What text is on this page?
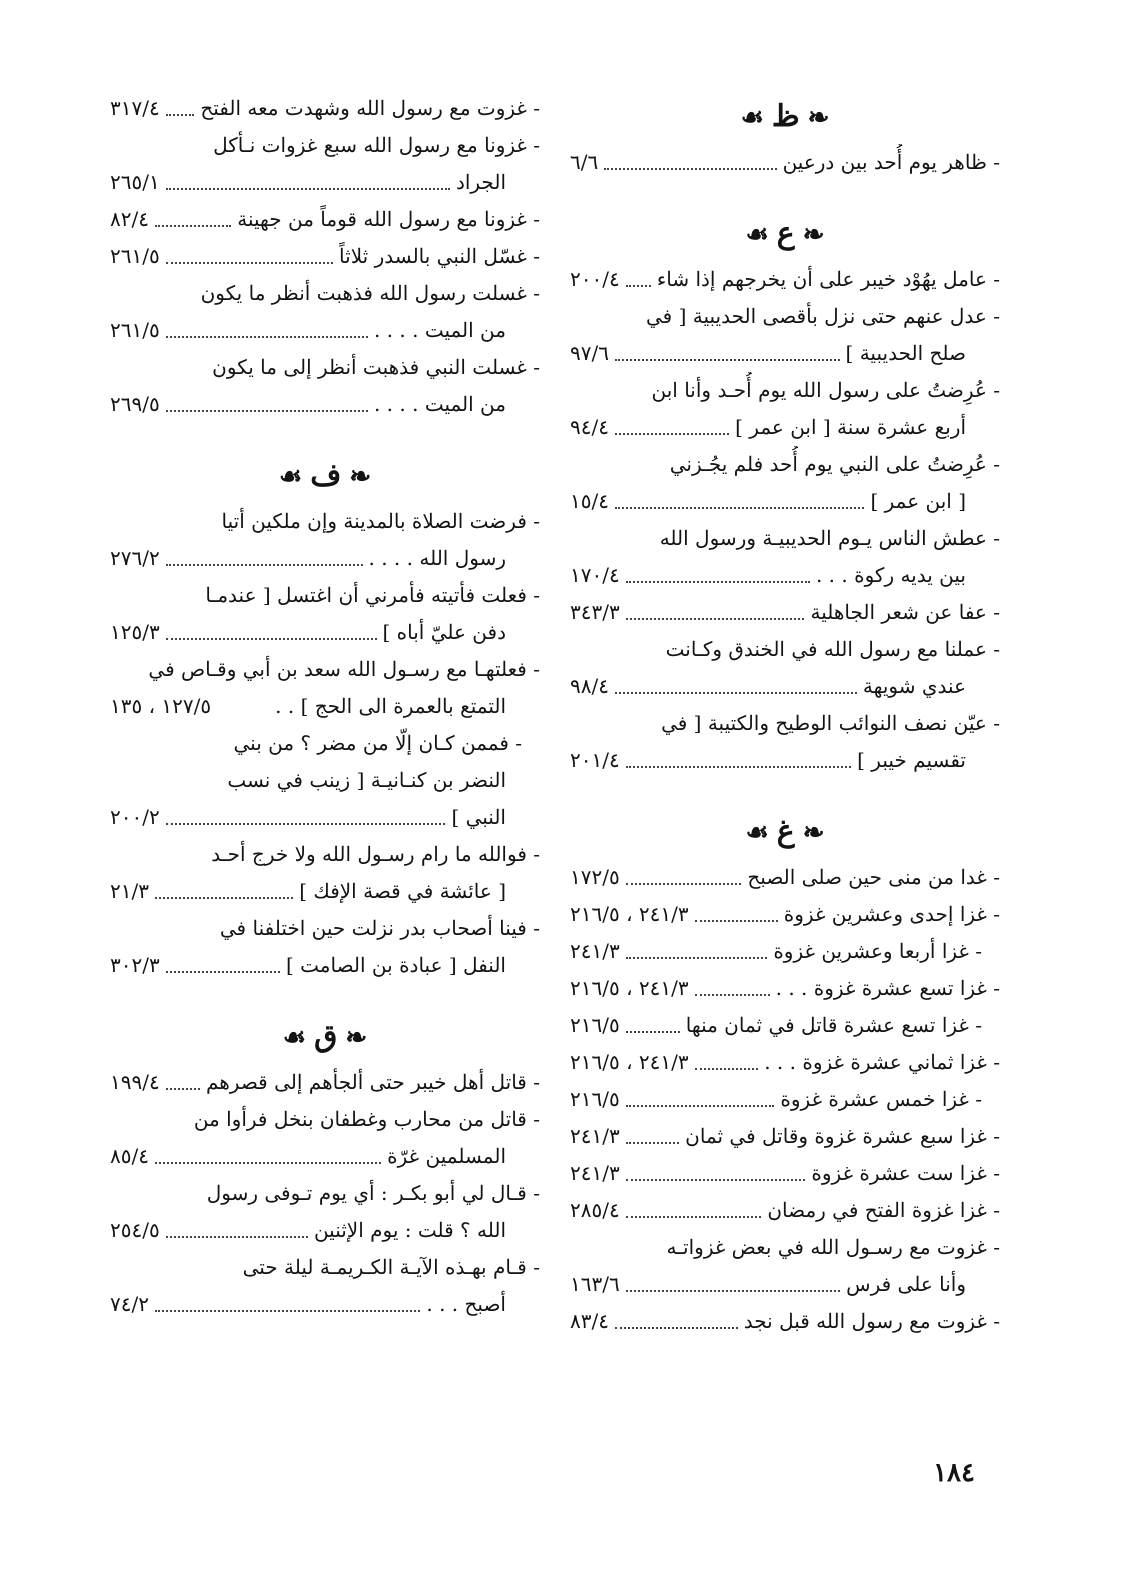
❧ظ☙
- ظاهر يوم أُحد بين درعين
٦/٦
❧ع☙
- عامل يهُوْد خيبر على أن يخرجهم إذا شاء
٢٠٠/٤
- عدل عنهم حتى نزل بأقصى الحديبية [ في
صلح الحديبية ]
٩٧/٦
- عُرِضتُ على رسول الله يوم أُحـد وأنا ابن
أربع عشرة سنة [ ابن عمر ]
٩٤/٤
- عُرِضتُ على النبي يوم أُحد فلم يجُـزني
[ ابن عمر ]
١٥/٤
- عطش الناس يـوم الحديبيـة ورسول الله
بين يديه ركوة . . .
١٧٠/٤
- عفا عن شعر الجاهلية
٣٤٣/٣
- عملنا مع رسول الله في الخندق وكـانت
عندي شويهة
٩٨/٤
- عيّن نصف النوائب الوطيح والكتيبة [ في
تقسيم خيبر ]
٢٠١/٤
❧غ☙
- غدا من منى حين صلى الصبح
١٧٢/٥
- غزا إحدى وعشرين غزوة
٢٤١/٣ ، ٢١٦/٥
- غزا أربعا وعشرين غزوة
٢٤١/٣
- غزا تسع عشرة غزوة . . .
٢٤١/٣ ، ٢١٦/٥
- غزا تسع عشرة قاتل في ثمان منها
٢١٦/٥
- غزا ثماني عشرة غزوة . . .
٢٤١/٣ ، ٢١٦/٥
- غزا خمس عشرة غزوة
٢١٦/٥
- غزا سبع عشرة غزوة وقاتل في ثمان
٢٤١/٣
- غزا ست عشرة غزوة
٢٤١/٣
- غزا غزوة الفتح في رمضان
٢٨٥/٤
- غزوت مع رسـول الله في بعض غزواتـه
وأنا على فرس
١٦٣/٦
- غزوت مع رسول الله قبل نجد
٨٣/٤
- غزوت مع رسول الله وشهدت معه الفتح
٣١٧/٤
- غزونا مع رسول الله سبع غزوات نـأكل
الجراد
٢٦٥/١
- غزونا مع رسول الله قوماً من جهينة
٨٢/٤
- غسّل النبي بالسدر ثلاثاً
٢٦١/٥
- غسلت رسول الله فذهبت أنظر ما يكون
من الميت . . . .
٢٦١/٥
- غسلت النبي فذهبت أنظر إلى ما يكون
من الميت . . . .
٢٦٩/٥
❧ف☙
- فرضت الصلاة بالمدينة وإن ملكين أتيا
رسول الله . . . .
٢٧٦/٢
- فعلت فأتيته فأمرني أن اغتسل [ عندمـا
دفن عليّ أباه ]
١٢٥/٣
- فعلتهـا مع رسـول الله سعد بن أبي وقـاص في
التمتع بالعمرة الى الحج ] . .
١٢٧/٥ ، ١٣٥
- فممن كـان إلّا من مضر ؟ من بني
النضر بن كنـانيـة [ زينب في نسب
النبي ]
٢٠٠/٢
- فوالله ما رام رسـول الله ولا خرج أحـد
[ عائشة في قصة الإفك ]
٢١/٣
- فينا أصحاب بدر نزلت حين اختلفنا في
النفل [ عبادة بن الصامت ]
٣٠٢/٣
❧ق☙
- قاتل أهل خيبر حتى ألجأهم إلى قصرهم
١٩٩/٤
- قاتل من محارب وغطفان بنخل فرأوا من
المسلمين غرّة
٨٥/٤
- قـال لي أبو بكـر : أي يوم تـوفى رسول
الله ؟ قلت : يوم الإثنين
٢٥٤/٥
- قـام بهـذه الآيـة الكـريمـة ليلة حتى
أصبح . . .
٧٤/٢
١٨٤
